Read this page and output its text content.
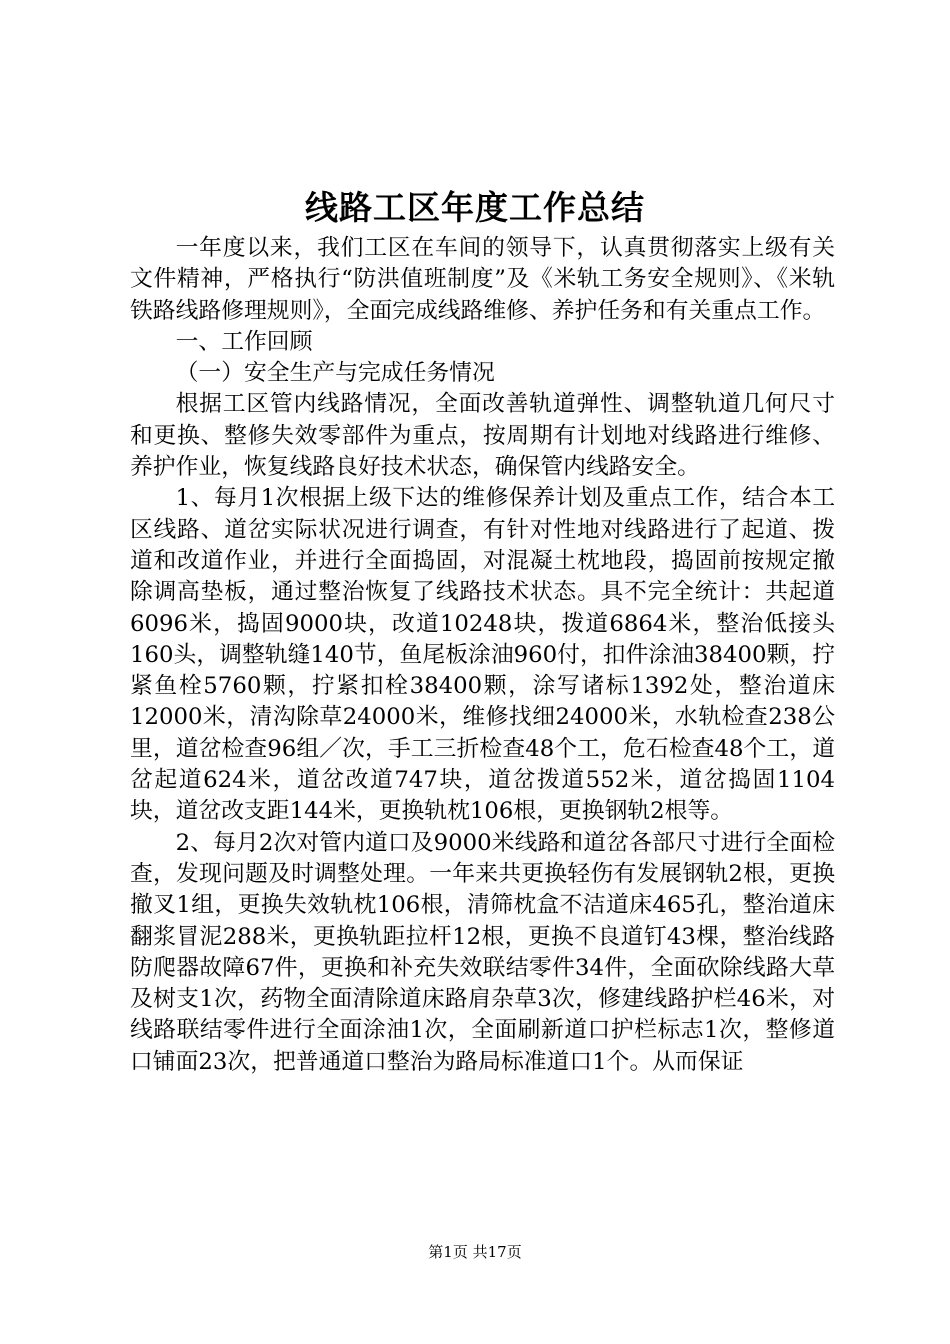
线路工区年度工作总结

一年度以来，我们工区在车间的领导下，认真贯彻落实上级有关文件精神，严格执行“防洪值班制度”及《米轨工务安全规则》、《米轨铁路线路修理规则》，全面完成线路维修、养护任务和有关重点工作。

一、工作回顾

（一）安全生产与完成任务情况

根据工区管内线路情况，全面改善轨道弹性、调整轨道几何尺寸和更换、整修失效零部件为重点，按周期有计划地对线路进行维修、养护作业，恢复线路良好技术状态，确保管内线路安全。

1、每月1次根据上级下达的维修保养计划及重点工作，结合本工区线路、道岔实际状况进行调查，有针对性地对线路进行了起道、拨道和改道作业，并进行全面捣固，对混凝土枕地段，捣固前按规定撤除调高垫板，通过整治恢复了线路技术状态。具不完全统计：共起道6096米，捣固9000块，改道10248块，拨道6864米，整治低接头160头，调整轨缝140节，鱼尾板涂油960付，扣件涂油38400颗，拧紧鱼栓5760颗，拧紧扣栓38400颗，涂写诸标1392处，整治道床12000米，清沟除草24000米，维修找细24000米，水轨检查238公里，道岔检查96组／次，手工三折检查48个工，危石检查48个工，道岔起道624米，道岔改道747块，道岔拨道552米，道岔捣固1104块，道岔改支距144米，更换轨枕106根，更换钢轨2根等。

2、每月2次对管内道口及9000米线路和道岔各部尺寸进行全面检查，发现问题及时调整处理。一年来共更换轻伤有发展钢轨2根，更换撤叉1组，更换失效轨枕106根，清筛枕盒不洁道床465孔，整治道床翻浆冒泥288米，更换轨距拉杆12根，更换不良道钉43棵，整治线路防爬器故障67件，更换和补充失效联结零件34件，全面砍除线路大草及树支1次，药物全面清除道床路肩杂草3次，修建线路护栏46米，对线路联结零件进行全面涂油1次，全面刷新道口护栏标志1次，整修道口铺面23次，把普通道口整治为路局标准道口1个。从而保证

第1页 共17页
